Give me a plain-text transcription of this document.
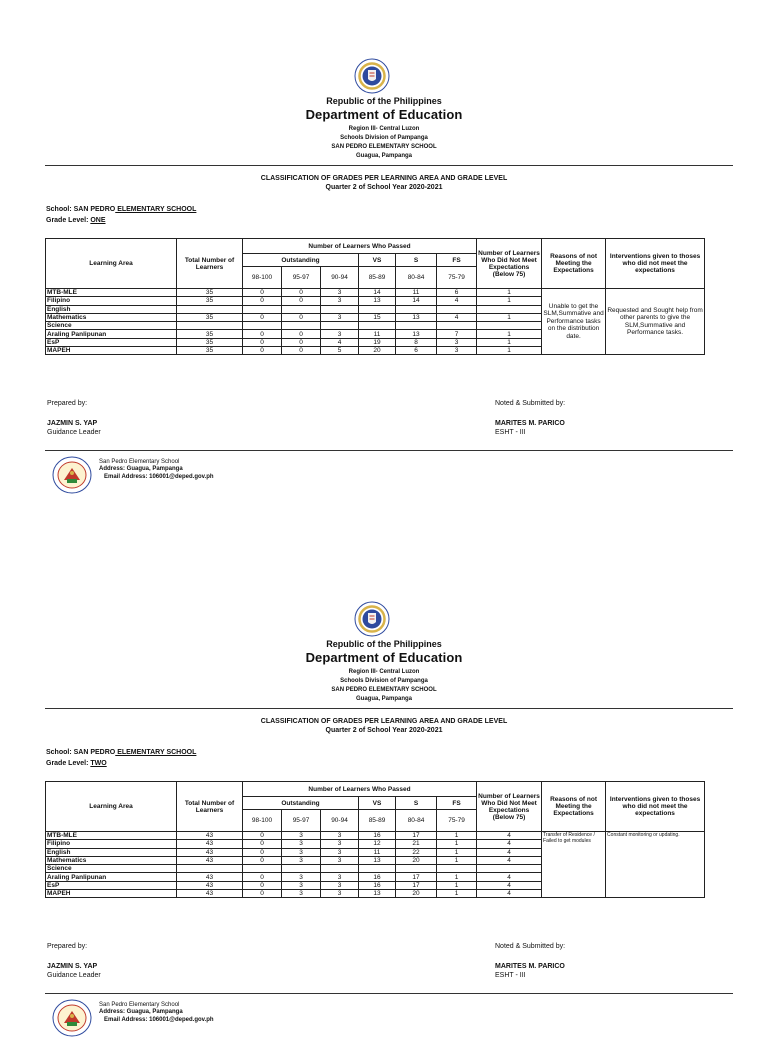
Republic of the Philippines
Department of Education
Region III- Central Luzon
Schools Division of Pampanga
SAN PEDRO ELEMENTARY SCHOOL
Guagua, Pampanga
CLASSIFICATION OF GRADES PER LEARNING AREA AND GRADE LEVEL
Quarter 2 of School Year 2020-2021
School: SAN PEDRO ELEMENTARY SCHOOL
Grade Level: ONE
Learning Area	Total Number of Learners	Number of Learners Who Passed						Number of Learners Who Did Not Meet Expectations (Below 75)	Reasons of not Meeting the Expectations	Interventions given to thoses who did not meet the expectations
		Outstanding			VS	S	FS			
		98-100	95-97	90-94	85-89	80-84	75-79			
MTB-MLE	35	0	0	3	14	11	6	1	Unable to get the SLM,Summative and Performance tasks on the distribution date.	Requested and Sought help from other parents to give the SLM,Summative and Performance tasks.
Filipino	35	0	0	3	13	14	4	1		
English										
Mathematics	35	0	0	3	15	13	4	1		
Science										
Araling Panlipunan	35	0	0	3	11	13	7	1		
EsP	35	0	0	4	19	8	3	1		
MAPEH	35	0	0	5	20	6	3	1		
Prepared by:	Noted & Submitted by:
JAZMIN S. YAP
Guidance Leader
MARITES M. PARICO
ESHT - III
San Pedro Elementary School
Address: Guagua, Pampanga
Email Address: 106001@deped.gov.ph
Republic of the Philippines
Department of Education
Region III- Central Luzon
Schools Division of Pampanga
SAN PEDRO ELEMENTARY SCHOOL
Guagua, Pampanga
CLASSIFICATION OF GRADES PER LEARNING AREA AND GRADE LEVEL
Quarter 2 of School Year 2020-2021
School: SAN PEDRO ELEMENTARY SCHOOL
Grade Level: TWO
Learning Area	Total Number of Learners	Number of Learners Who Passed						Number of Learners Who Did Not Meet Expectations (Below 75)	Reasons of not Meeting the Expectations	Interventions given to thoses who did not meet the expectations
		Outstanding			VS	S	FS			
		98-100	95-97	90-94	85-89	80-84	75-79			
MTB-MLE	43	0	3	3	16	17	1	4	Transfer of Residence / Failed to get modules	Constant monitoring or updating.
Filipino	43	0	3	3	12	21	1	4		
English	43	0	3	3	11	22	1	4		
Mathematics	43	0	3	3	13	20	1	4		
Science										
Araling Panlipunan	43	0	3	3	16	17	1	4		
EsP	43	0	3	3	16	17	1	4		
MAPEH	43	0	3	3	13	20	1	4		
Prepared by:	Noted & Submitted by:
JAZMIN S. YAP
Guidance Leader
MARITES M. PARICO
ESHT - III
San Pedro Elementary School
Address: Guagua, Pampanga
Email Address: 106001@deped.gov.ph
